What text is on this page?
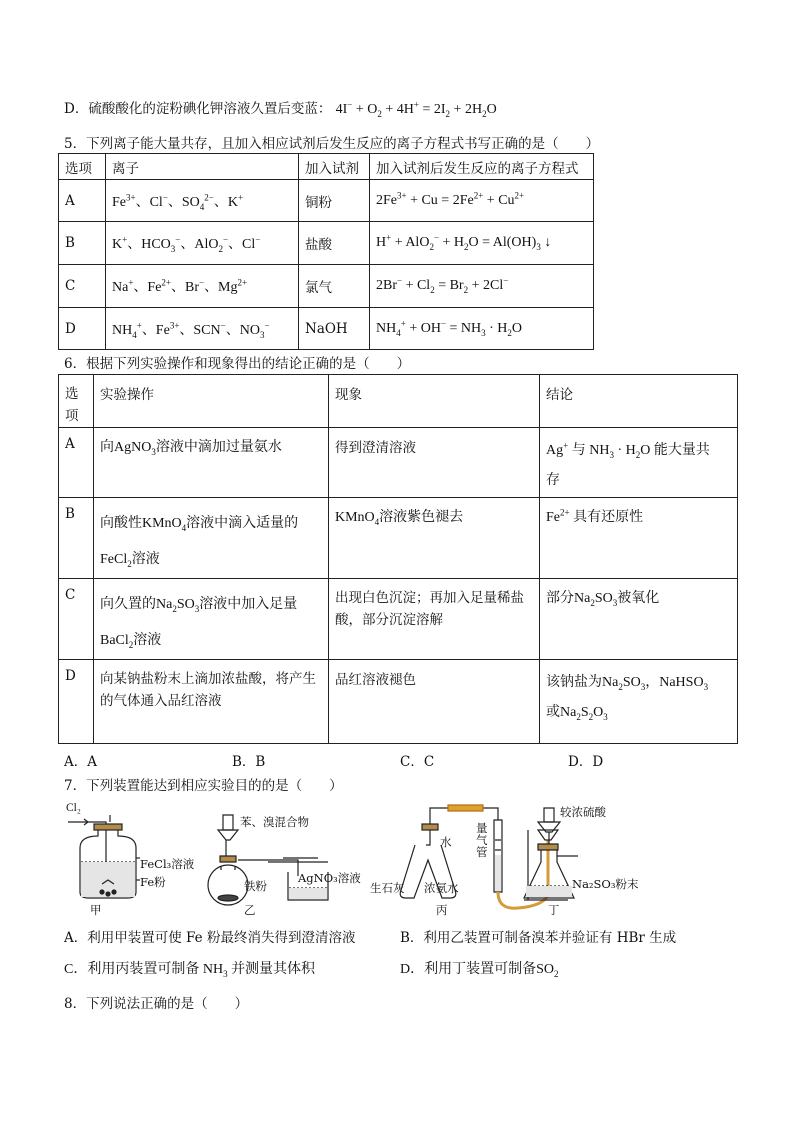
D．硫酸酸化的淀粉碘化钾溶液久置后变蓝： $4I^- + O_2 + 4H^+ = 2I_2 + 2H_2O$
5．下列离子能大量共存，且加入相应试剂后发生反应的离子方程式书写正确的是（　　）
选项	离子	加入试剂	加入试剂后发生反应的离子方程式
A	$Fe^{3+}$、Cl−、$SO_4^{2-}$、K+	铜粉	$2Fe^{3+} + Cu = 2Fe^{2+} + Cu^{2+}$
B	K+、$HCO_3^-$、AlO$_2$−、Cl−	盐酸	$H^+ + AlO_2^- + H_2O = Al(OH)_3$ ↓
C	Na+、$Fe^{2+}$、Br−、$Mg^{2+}$	氯气	$2Br^- + Cl_2 = Br_2 + 2Cl^-$
D	$NH_4^+$、$Fe^{3+}$、SCN−、$NO_3^-$	NaOH	$NH_4^+ + OH^- = NH_3 \cdot H_2O$
6．根据下列实验操作和现象得出的结论正确的是（　　）
选项	实验操作	现象	结论
A	向AgNO$_3$溶液中滴加过量氨水	得到澄清溶液	Ag+ 与 $NH_3 \cdot H_2O$ 能大量共
存
B	向酸性KMnO$_4$溶液中滴入适量的
FeCl$_2$溶液	KMnO$_4$溶液紫色褪去	$Fe^{2+}$ 具有还原性
C	向久置的$Na_2SO_3$溶液中加入足量
BaCl$_2$溶液	出现白色沉淀；再加入足量稀盐
酸，部分沉淀溶解	部分$Na_2SO_3$被氧化
D	向某钠盐粉末上滴加浓盐酸，将产生
的气体通入品红溶液	品红溶液褪色	该钠盐为$Na_2SO_3$，NaHSO$_3$
或$Na_2S_2O_3$
A．A	B．B	C．C	D．D
7．下列装置能达到相应实验目的的是（　　）
Cl₂
FeCl₃溶液
Fe粉
苯、溴混合物
铁粉
AgNO₃溶液
水
量气管
生石灰 浓氨水
较浓硫酸
Na₂SO₃粉末
甲	乙	丙	丁
A．利用甲装置可使 Fe 粉最终消失得到澄清溶液	B．利用乙装置可制备溴苯并验证有 HBr 生成
C．利用丙装置可制备 $NH_3$ 并测量其体积	D．利用丁装置可制备$SO_2$
8．下列说法正确的是（　　）
